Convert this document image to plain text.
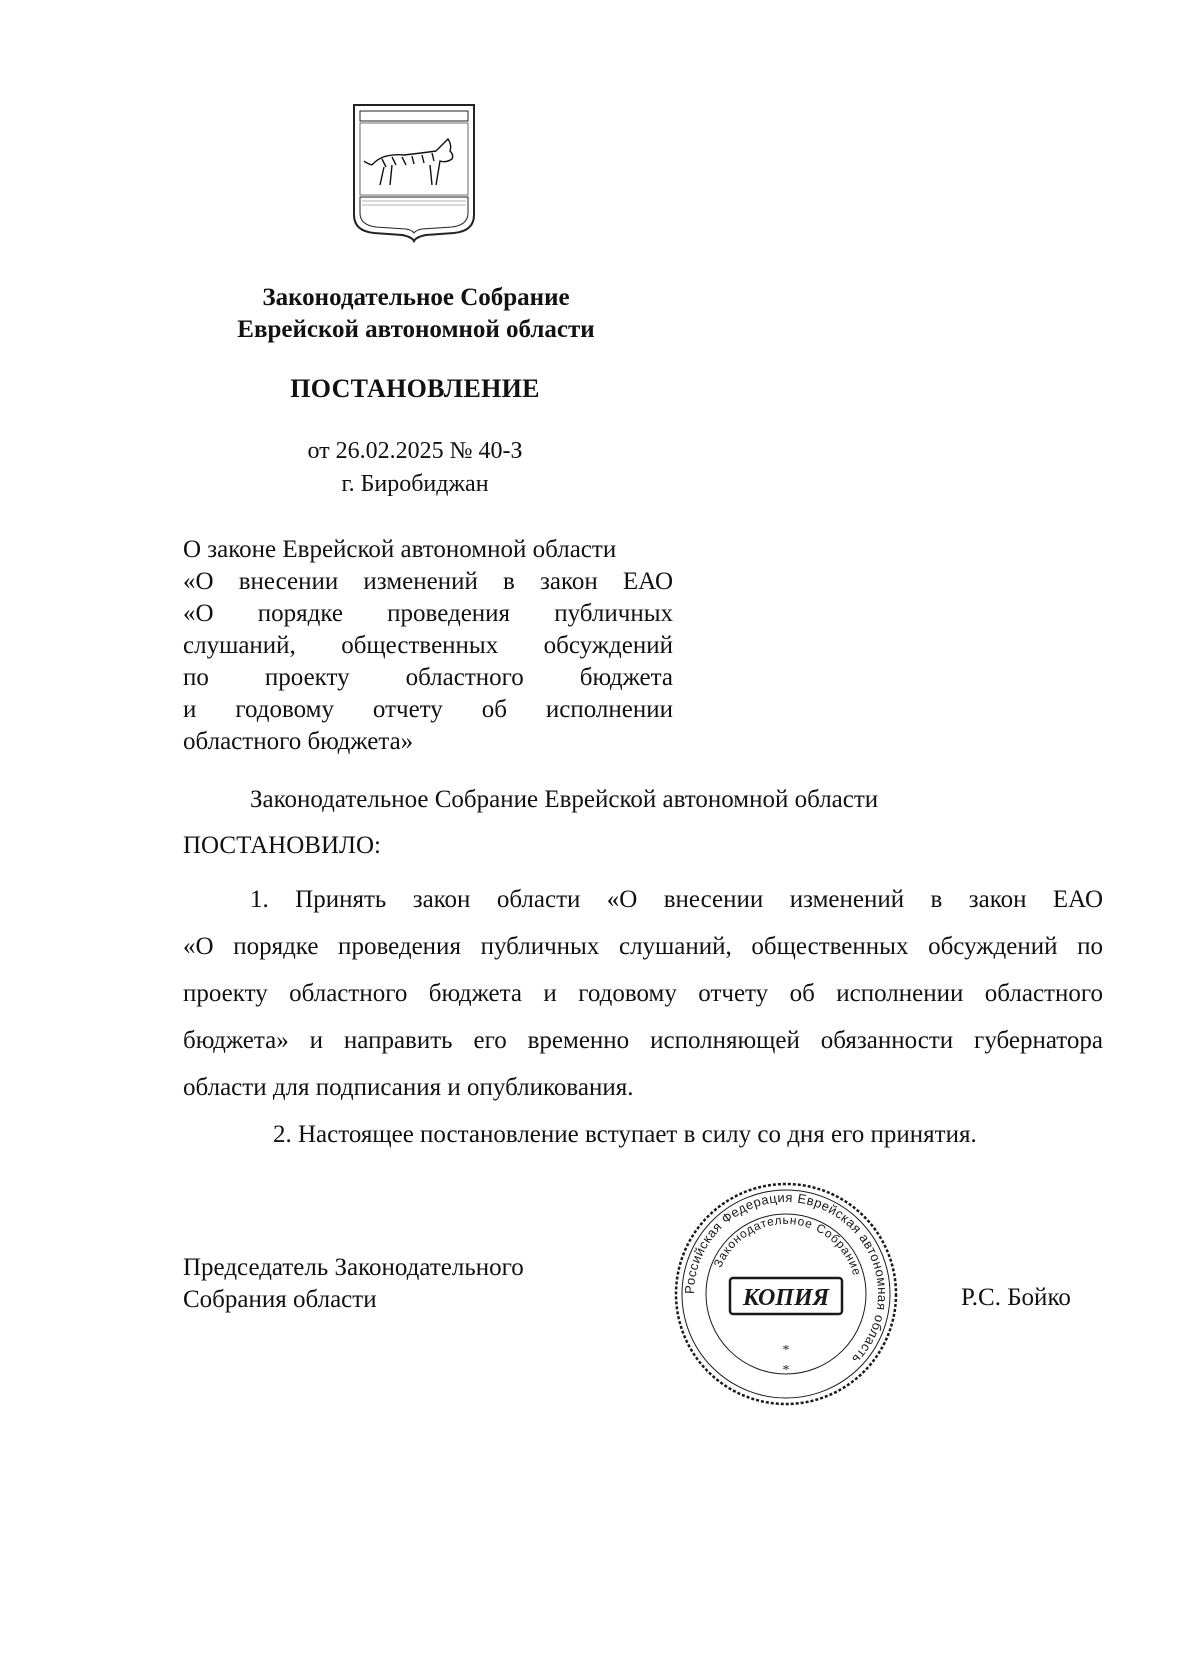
Законодательное Собрание
Еврейской автономной области
ПОСТАНОВЛЕНИЕ
от 26.02.2025 № 40-З
г. Биробиджан
О законе Еврейской автономной области
«О внесении изменений в закон ЕАО
«О порядке проведения публичных
слушаний, общественных обсуждений
по проекту областного бюджета
и годовому отчету об исполнении
областного бюджета»
Законодательное Собрание Еврейской автономной области
ПОСТАНОВИЛО:
1. Принять закон области «О внесении изменений в закон ЕАО
«О порядке проведения публичных слушаний, общественных обсуждений по
проекту областного бюджета и годовому отчету об исполнении областного
бюджета» и направить его временно исполняющей обязанности губернатора
области для подписания и опубликования.
2. Настоящее постановление вступает в силу со дня его принятия.
Председатель Законодательного
Собрания области	Р.С. Бойко
Российская Федерация Еврейская автономная область
Законодательное Собрание
КОПИЯ
*
*
